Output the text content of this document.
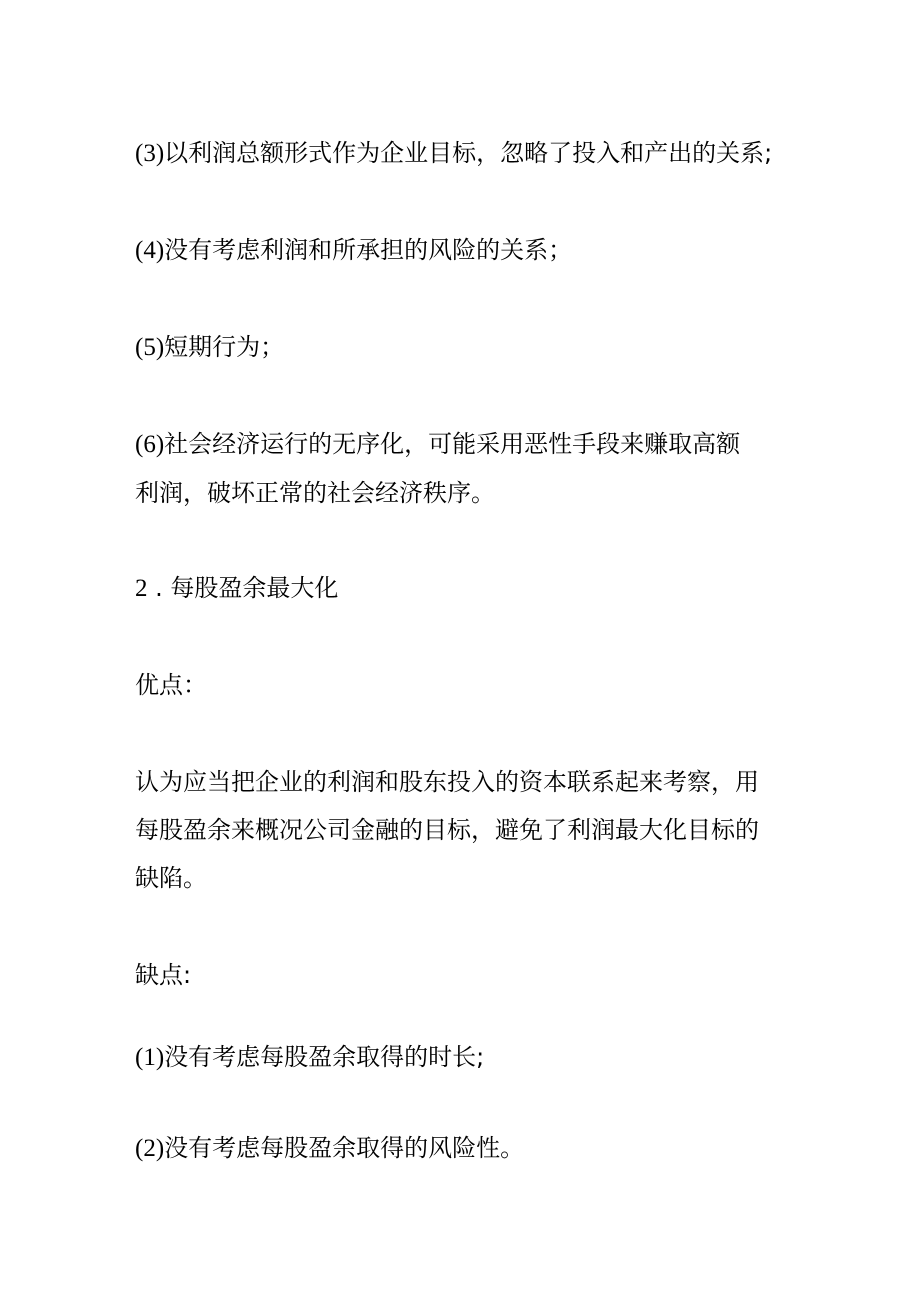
(3)以利润总额形式作为企业目标，忽略了投入和产出的关系;
(4)没有考虑利润和所承担的风险的关系；
(5)短期行为；
(6)社会经济运行的无序化，可能采用恶性手段来赚取高额
利润，破坏正常的社会经济秩序。
2 . 每股盈余最大化
优点：
认为应当把企业的利润和股东投入的资本联系起来考察，用
每股盈余来概况公司金融的目标，避免了利润最大化目标的
缺陷。
缺点:
(1)没有考虑每股盈余取得的时长;
(2)没有考虑每股盈余取得的风险性。
